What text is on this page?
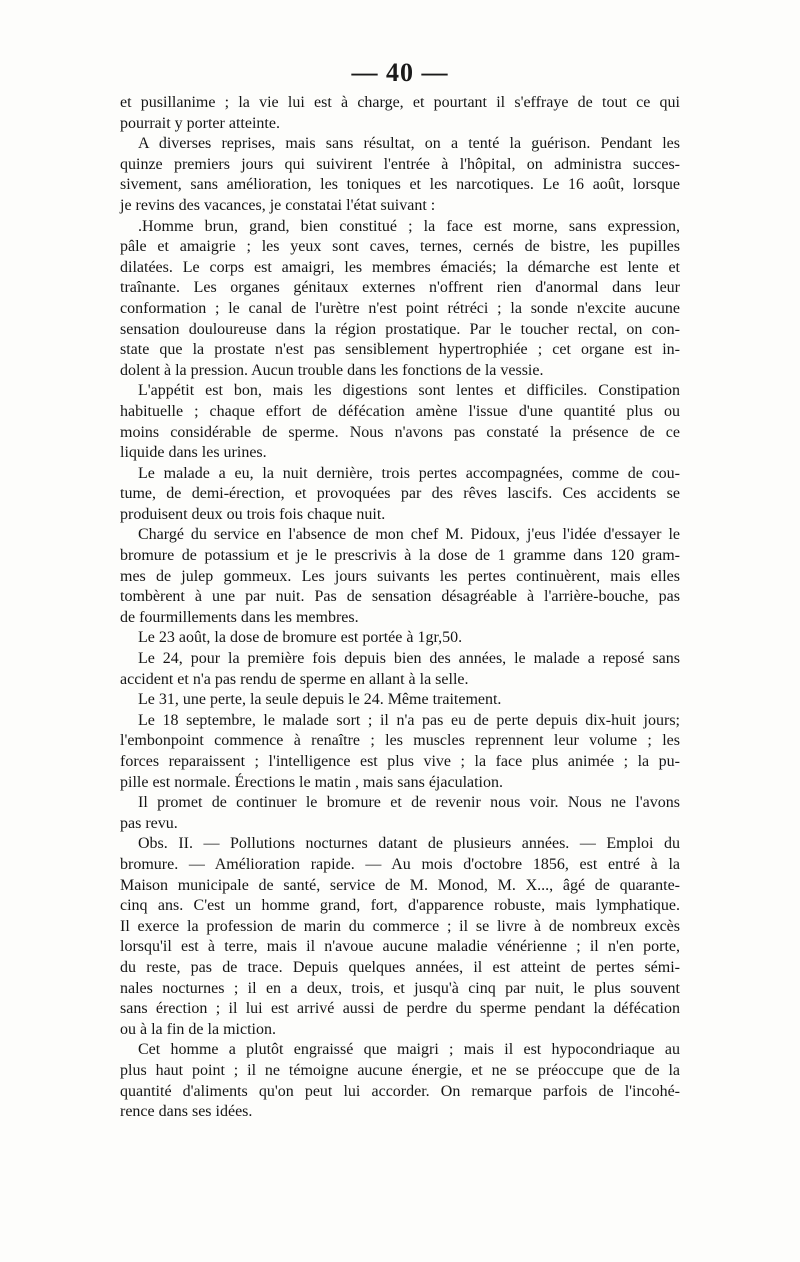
— 40 —
et pusillanime ; la vie lui est à charge, et pourtant il s'effraye de tout ce qui
pourrait y porter atteinte.
A diverses reprises, mais sans résultat, on a tenté la guérison. Pendant les
quinze premiers jours qui suivirent l'entrée à l'hôpital, on administra succes-
sivement, sans amélioration, les toniques et les narcotiques. Le 16 août, lorsque
je revins des vacances, je constatai l'état suivant :
.Homme brun, grand, bien constitué ; la face est morne, sans expression,
pâle et amaigrie ; les yeux sont caves, ternes, cernés de bistre, les pupilles
dilatées. Le corps est amaigri, les membres émaciés; la démarche est lente et
traînante. Les organes génitaux externes n'offrent rien d'anormal dans leur
conformation ; le canal de l'urètre n'est point rétréci ; la sonde n'excite aucune
sensation douloureuse dans la région prostatique. Par le toucher rectal, on con-
state que la prostate n'est pas sensiblement hypertrophiée ; cet organe est in-
dolent à la pression. Aucun trouble dans les fonctions de la vessie.
L'appétit est bon, mais les digestions sont lentes et difficiles. Constipation
habituelle ; chaque effort de défécation amène l'issue d'une quantité plus ou
moins considérable de sperme. Nous n'avons pas constaté la présence de ce
liquide dans les urines.
Le malade a eu, la nuit dernière, trois pertes accompagnées, comme de cou-
tume, de demi-érection, et provoquées par des rêves lascifs. Ces accidents se
produisent deux ou trois fois chaque nuit.
Chargé du service en l'absence de mon chef M. Pidoux, j'eus l'idée d'essayer le
bromure de potassium et je le prescrivis à la dose de 1 gramme dans 120 gram-
mes de julep gommeux. Les jours suivants les pertes continuèrent, mais elles
tombèrent à une par nuit. Pas de sensation désagréable à l'arrière-bouche, pas
de fourmillements dans les membres.
Le 23 août, la dose de bromure est portée à 1gr,50.
Le 24, pour la première fois depuis bien des années, le malade a reposé sans
accident et n'a pas rendu de sperme en allant à la selle.
Le 31, une perte, la seule depuis le 24. Même traitement.
Le 18 septembre, le malade sort ; il n'a pas eu de perte depuis dix-huit jours;
l'embonpoint commence à renaître ; les muscles reprennent leur volume ; les
forces reparaissent ; l'intelligence est plus vive ; la face plus animée ; la pu-
pille est normale. Érections le matin , mais sans éjaculation.
Il promet de continuer le bromure et de revenir nous voir. Nous ne l'avons
pas revu.
Obs. II. — Pollutions nocturnes datant de plusieurs années. — Emploi du
bromure. — Amélioration rapide. — Au mois d'octobre 1856, est entré à la
Maison municipale de santé, service de M. Monod, M. X..., âgé de quarante-
cinq ans. C'est un homme grand, fort, d'apparence robuste, mais lymphatique.
Il exerce la profession de marin du commerce ; il se livre à de nombreux excès
lorsqu'il est à terre, mais il n'avoue aucune maladie vénérienne ; il n'en porte,
du reste, pas de trace. Depuis quelques années, il est atteint de pertes sémi-
nales nocturnes ; il en a deux, trois, et jusqu'à cinq par nuit, le plus souvent
sans érection ; il lui est arrivé aussi de perdre du sperme pendant la défécation
ou à la fin de la miction.
Cet homme a plutôt engraissé que maigri ; mais il est hypocondriaque au
plus haut point ; il ne témoigne aucune énergie, et ne se préoccupe que de la
quantité d'aliments qu'on peut lui accorder. On remarque parfois de l'incohé-
rence dans ses idées.
